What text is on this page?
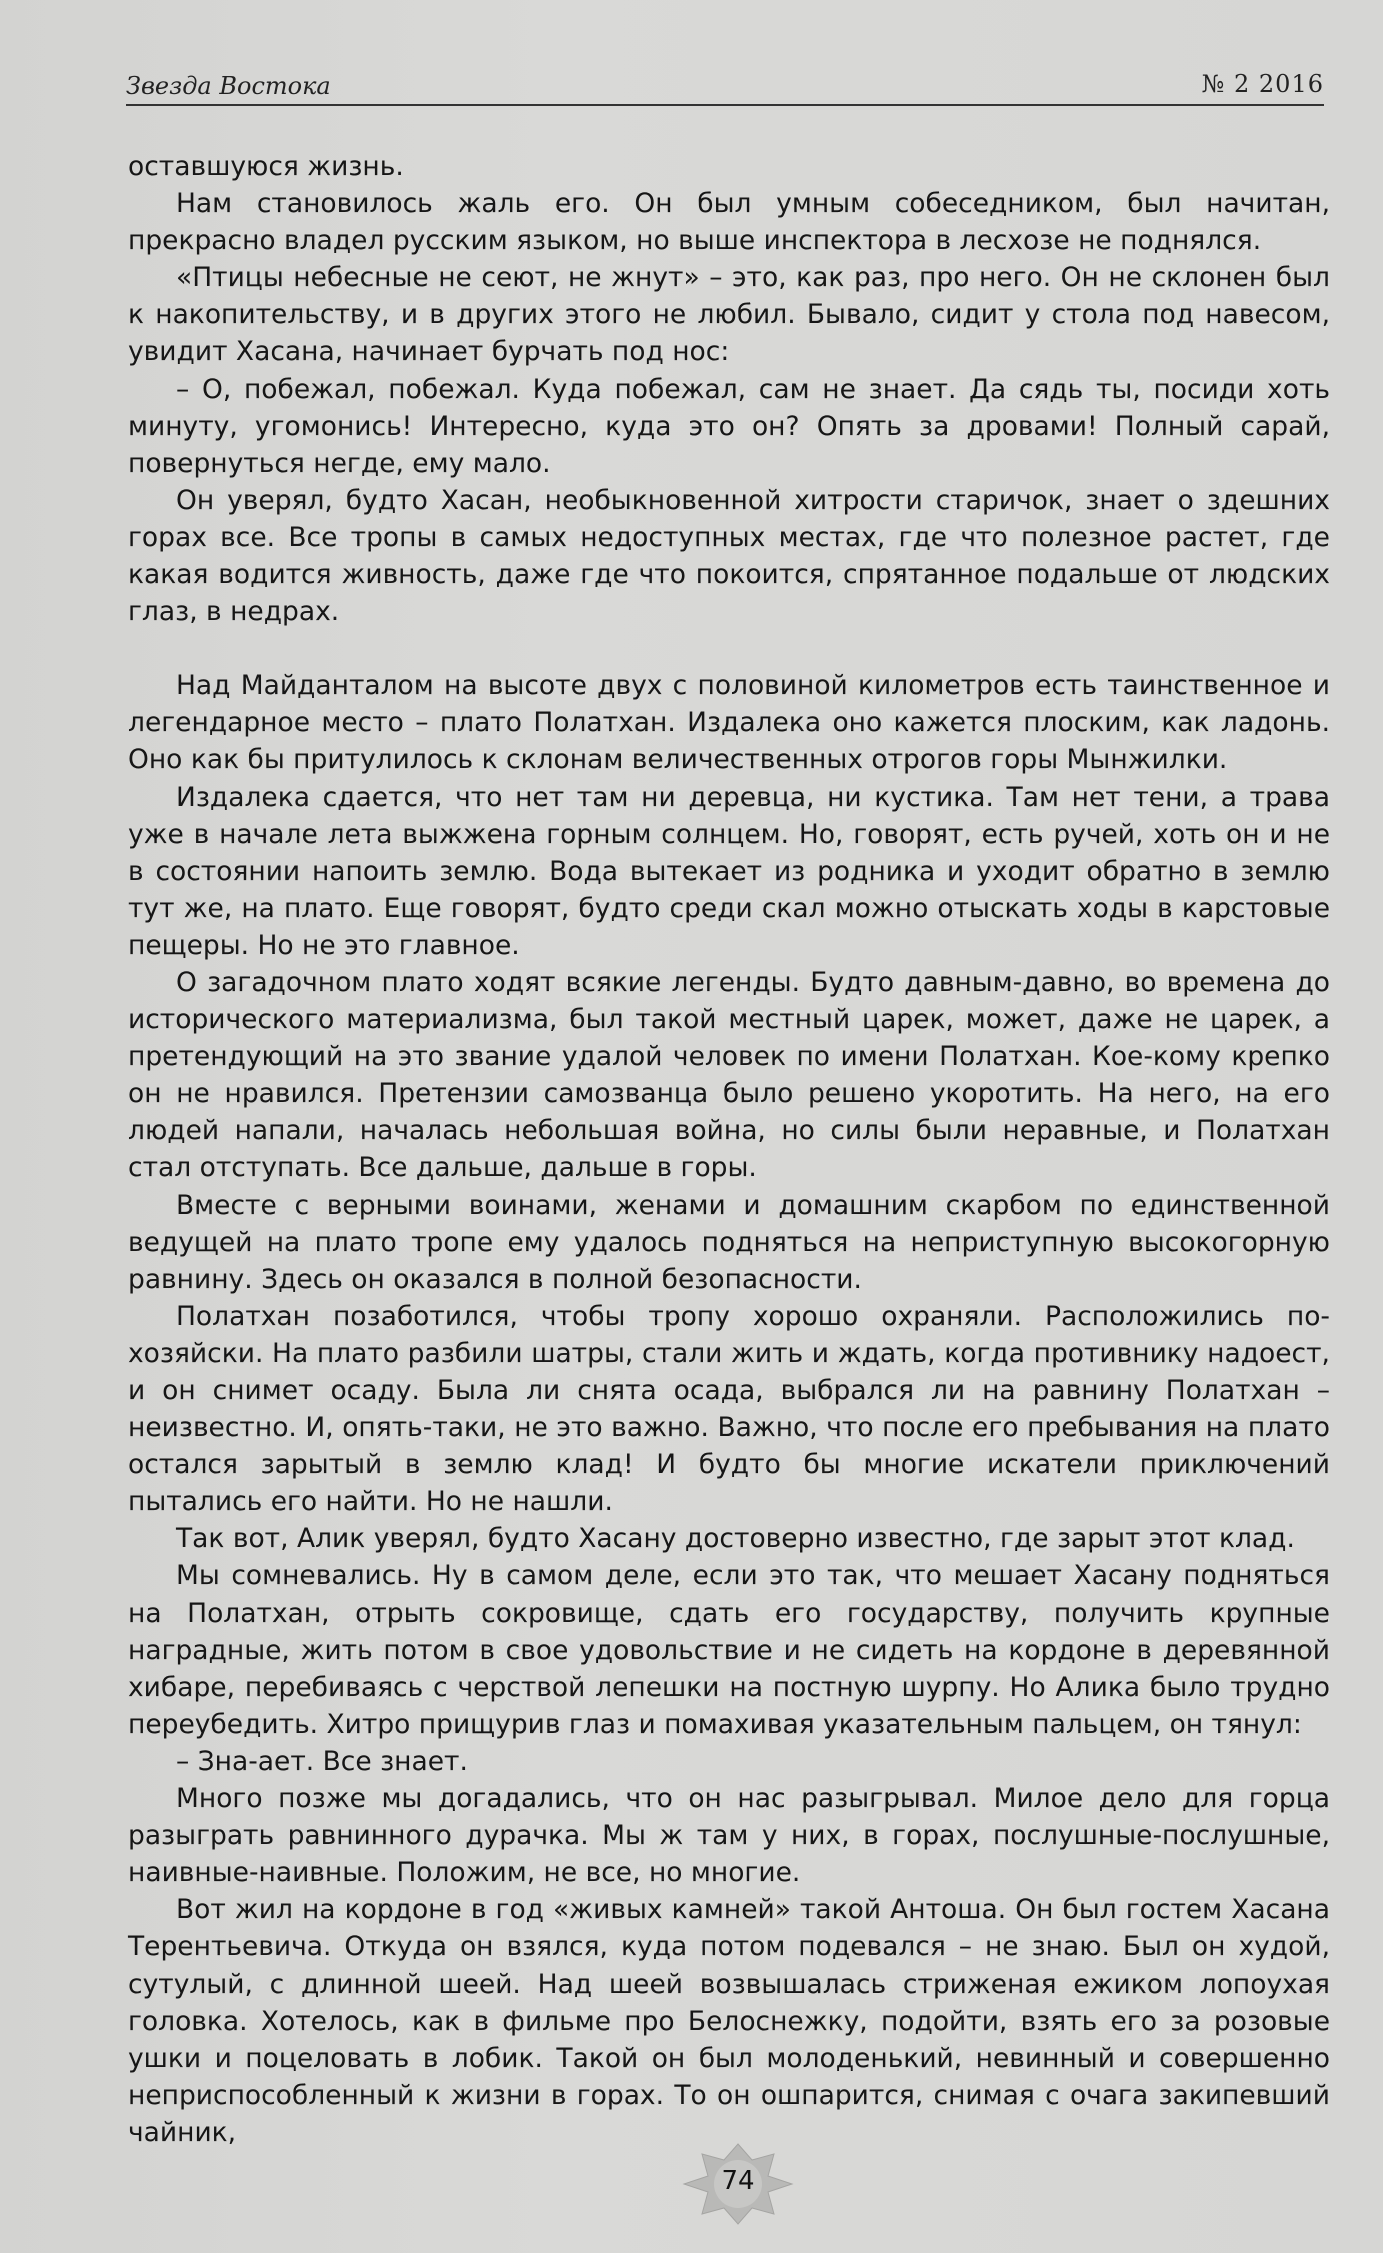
Звезда Востока	№ 2 2016

оставшуюся жизнь.

Нам становилось жаль его. Он был умным собеседником, был начитан, прекрасно владел русским языком, но выше инспектора в лесхозе не поднялся.

«Птицы небесные не сеют, не жнут» – это, как раз, про него. Он не склонен был к накопительству, и в других этого не любил. Бывало, сидит у стола под навесом, увидит Хасана, начинает бурчать под нос:

– О, побежал, побежал. Куда побежал, сам не знает. Да сядь ты, посиди хоть минуту, угомонись! Интересно, куда это он? Опять за дровами! Полный сарай, повернуться негде, ему мало.

Он уверял, будто Хасан, необыкновенной хитрости старичок, знает о здешних горах все. Все тропы в самых недоступных местах, где что полезное растет, где какая водится живность, даже где что покоится, спрятанное подальше от людских глаз, в недрах.

Над Майданталом на высоте двух с половиной километров есть таинственное и легендарное место – плато Полатхан. Издалека оно кажется плоским, как ладонь. Оно как бы притулилось к склонам величественных отрогов горы Мынжилки.

Издалека сдается, что нет там ни деревца, ни кустика. Там нет тени, а трава уже в начале лета выжжена горным солнцем. Но, говорят, есть ручей, хоть он и не в состоянии напоить землю. Вода вытекает из родника и уходит обратно в землю тут же, на плато. Еще говорят, будто среди скал можно отыскать ходы в карстовые пещеры. Но не это главное.

О загадочном плато ходят всякие легенды. Будто давным-давно, во времена до исторического материализма, был такой местный царек, может, даже не царек, а претендующий на это звание удалой человек по имени Полатхан. Кое-кому крепко он не нравился. Претензии самозванца было решено укоротить. На него, на его людей напали, началась небольшая война, но силы были неравные, и Полатхан стал отступать. Все дальше, дальше в горы.

Вместе с верными воинами, женами и домашним скарбом по единственной ведущей на плато тропе ему удалось подняться на неприступную высокогорную равнину. Здесь он оказался в полной безопасности.

Полатхан позаботился, чтобы тропу хорошо охраняли. Расположились по-хозяйски. На плато разбили шатры, стали жить и ждать, когда противнику надоест, и он снимет осаду. Была ли снята осада, выбрался ли на равнину Полатхан – неизвестно. И, опять-таки, не это важно. Важно, что после его пребывания на плато остался зарытый в землю клад! И будто бы многие искатели приключений пытались его найти. Но не нашли.

Так вот, Алик уверял, будто Хасану достоверно известно, где зарыт этот клад.

Мы сомневались. Ну в самом деле, если это так, что мешает Хасану подняться на Полатхан, отрыть сокровище, сдать его государству, получить крупные наградные, жить потом в свое удовольствие и не сидеть на кордоне в деревянной хибаре, перебиваясь с черствой лепешки на постную шурпу. Но Алика было трудно переубедить. Хитро прищурив глаз и помахивая указательным пальцем, он тянул:

– Зна-ает. Все знает.

Много позже мы догадались, что он нас разыгрывал. Милое дело для горца разыграть равнинного дурачка. Мы ж там у них, в горах, послушные-послушные, наивные-наивные. Положим, не все, но многие.

Вот жил на кордоне в год «живых камней» такой Антоша. Он был гостем Хасана Терентьевича. Откуда он взялся, куда потом подевался – не знаю. Был он худой, сутулый, с длинной шеей. Над шеей возвышалась стриженая ежиком лопоухая головка. Хотелось, как в фильме про Белоснежку, подойти, взять его за розовые ушки и поцеловать в лобик. Такой он был молоденький, невинный и совершенно неприспособленный к жизни в горах. То он ошпарится, снимая с очага закипевший чайник,

74
